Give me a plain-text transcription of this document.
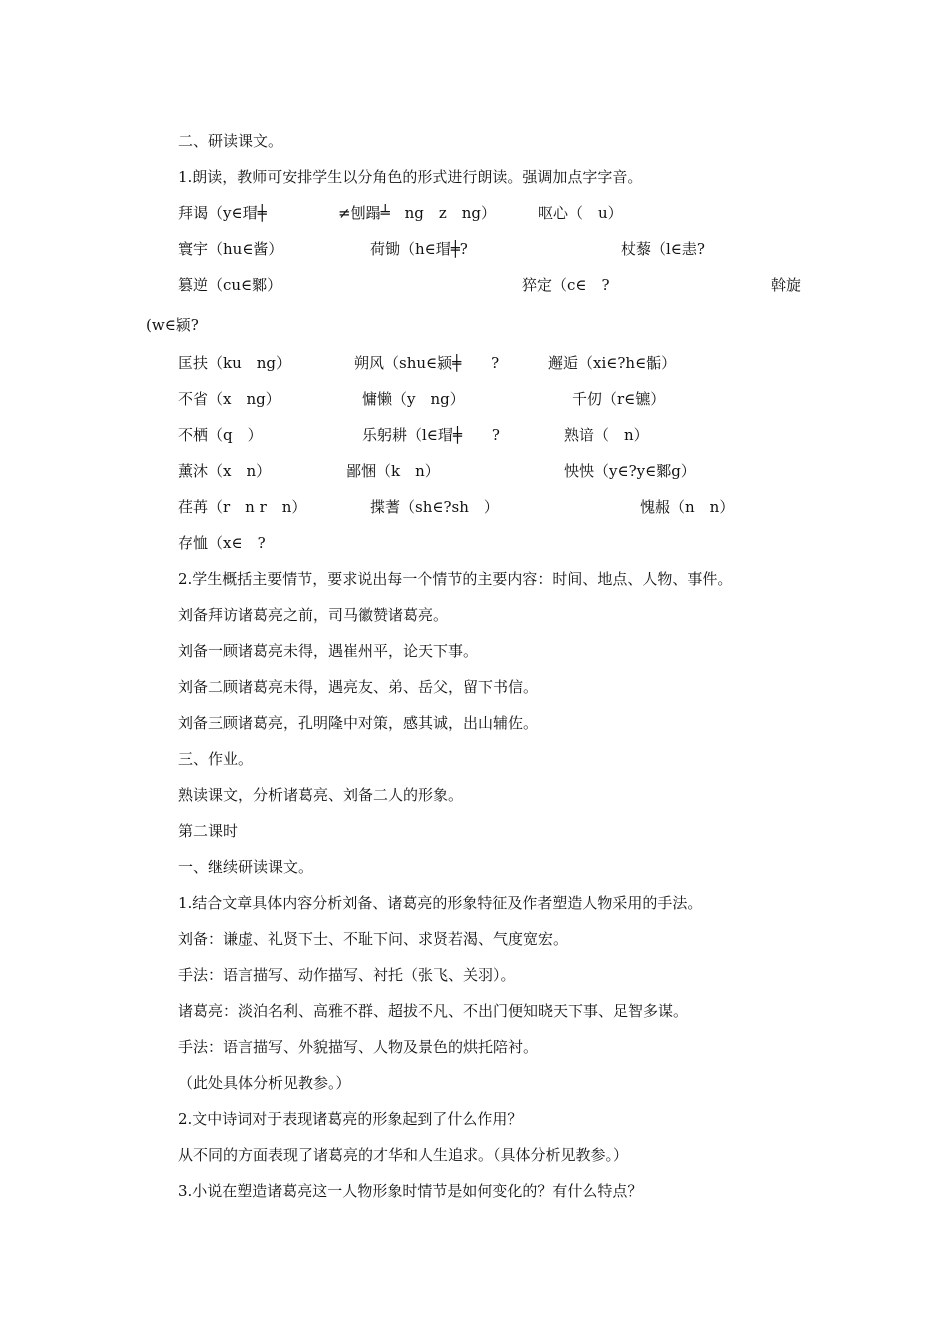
二、研读课文。
1.朗读，教师可安排学生以分角色的形式进行朗读。强调加点字字音。
拜谒（y∈瑁╪	≠刨蹋╧　ng　z　ng）	呕心（　u）
寰宇（hu∈酱）	荷锄（h∈瑁╪?	杖藜（l∈恚?
篡逆（cu∈鄹）	猝定（c∈　?	斡旋
(w∈颍?
匡扶（ku　ng）	朔风（shu∈颍╪　　?	邂逅（xi∈?h∈骺）
不省（x　ng）	慵懒（y　ng）	千仞（r∈镳）
不栖（q　）	乐躬耕（l∈瑁╪　　?	熟谙（　n）
薰沐（x　n）	鄙悃（k　n）	怏怏（y∈?y∈鄹g）
荏苒（r　n r　n）	揲蓍（sh∈?sh　）	愧赧（n　n）
存恤（x∈　?
2.学生概括主要情节，要求说出每一个情节的主要内容：时间、地点、人物、事件。
刘备拜访诸葛亮之前，司马徽赞诸葛亮。
刘备一顾诸葛亮未得，遇崔州平，论天下事。
刘备二顾诸葛亮未得，遇亮友、弟、岳父，留下书信。
刘备三顾诸葛亮，孔明隆中对策，感其诚，出山辅佐。
三、作业。
熟读课文，分析诸葛亮、刘备二人的形象。
第二课时
一、继续研读课文。
1.结合文章具体内容分析刘备、诸葛亮的形象特征及作者塑造人物采用的手法。
刘备：谦虚、礼贤下士、不耻下问、求贤若渴、气度宽宏。
手法：语言描写、动作描写、衬托（张飞、关羽）。
诸葛亮：淡泊名利、高雅不群、超拔不凡、不出门便知晓天下事、足智多谋。
手法：语言描写、外貌描写、人物及景色的烘托陪衬。
（此处具体分析见教参。）
2.文中诗词对于表现诸葛亮的形象起到了什么作用？
从不同的方面表现了诸葛亮的才华和人生追求。（具体分析见教参。）
3.小说在塑造诸葛亮这一人物形象时情节是如何变化的？有什么特点？
